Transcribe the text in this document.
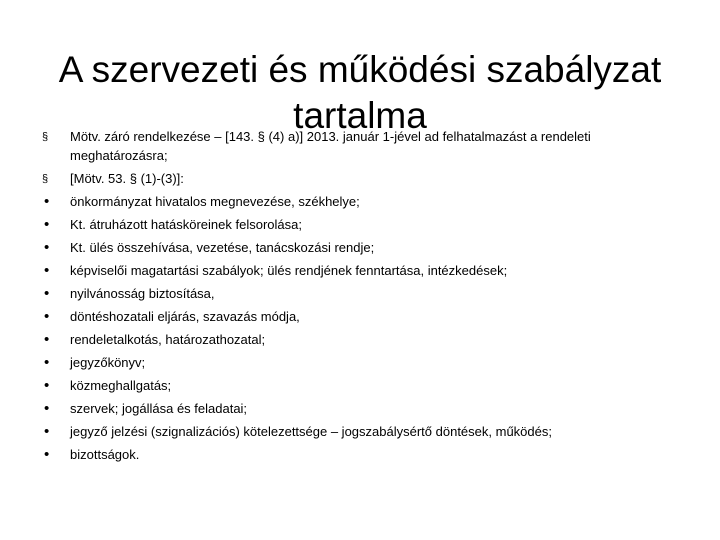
A szervezeti és működési szabályzat
tartalma
§	Mötv. záró rendelkezése – [143. § (4) a)] 2013. január 1-jével ad felhatalmazást a rendeleti meghatározásra;
§	[Mötv. 53. § (1)-(3)]:
•	önkormányzat hivatalos megnevezése, székhelye;
•	Kt. átruházott hatásköreinek felsorolása;
•	Kt. ülés összehívása, vezetése, tanácskozási rendje;
•	képviselői magatartási szabályok; ülés rendjének fenntartása, intézkedések;
•	nyilvánosság biztosítása,
•	döntéshozatali eljárás, szavazás módja,
•	rendeletalkotás, határozathozatal;
•	jegyzőkönyv;
•	közmeghallgatás;
•	szervek; jogállása és feladatai;
•	jegyző jelzési (szignalizációs) kötelezettsége – jogszabálysértő döntések, működés;
•	bizottságok.
